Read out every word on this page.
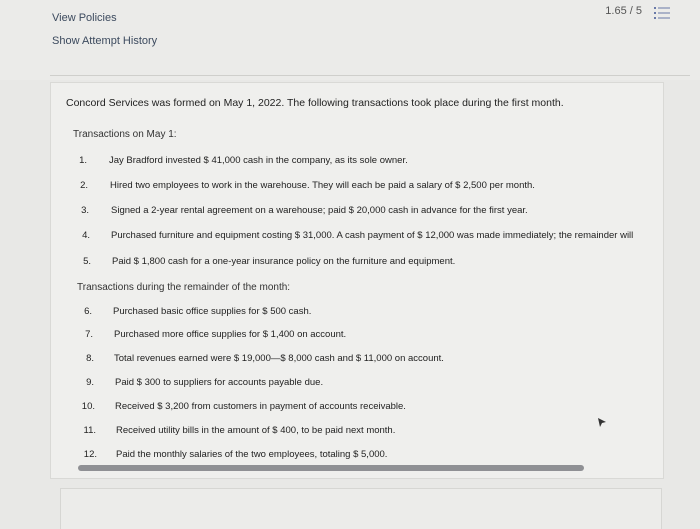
View Policies
Show Attempt History
1.65 / 5
Concord Services was formed on May 1, 2022. The following transactions took place during the first month.
Transactions on May 1:
Transactions during the remainder of the month:
1. Jay Bradford invested $ 41,000 cash in the company, as its sole owner.
2. Hired two employees to work in the warehouse. They will each be paid a salary of $ 2,500 per month.
3. Signed a 2-year rental agreement on a warehouse; paid $ 20,000 cash in advance for the first year.
4. Purchased furniture and equipment costing $ 31,000. A cash payment of $ 12,000 was made immediately; the remainder will
5. Paid $ 1,800 cash for a one-year insurance policy on the furniture and equipment.
6. Purchased basic office supplies for $ 500 cash.
7. Purchased more office supplies for $ 1,400 on account.
8. Total revenues earned were $ 19,000—$ 8,000 cash and $ 11,000 on account.
9. Paid $ 300 to suppliers for accounts payable due.
10. Received $ 3,200 from customers in payment of accounts receivable.
11. Received utility bills in the amount of $ 400, to be paid next month.
12. Paid the monthly salaries of the two employees, totaling $ 5,000.
